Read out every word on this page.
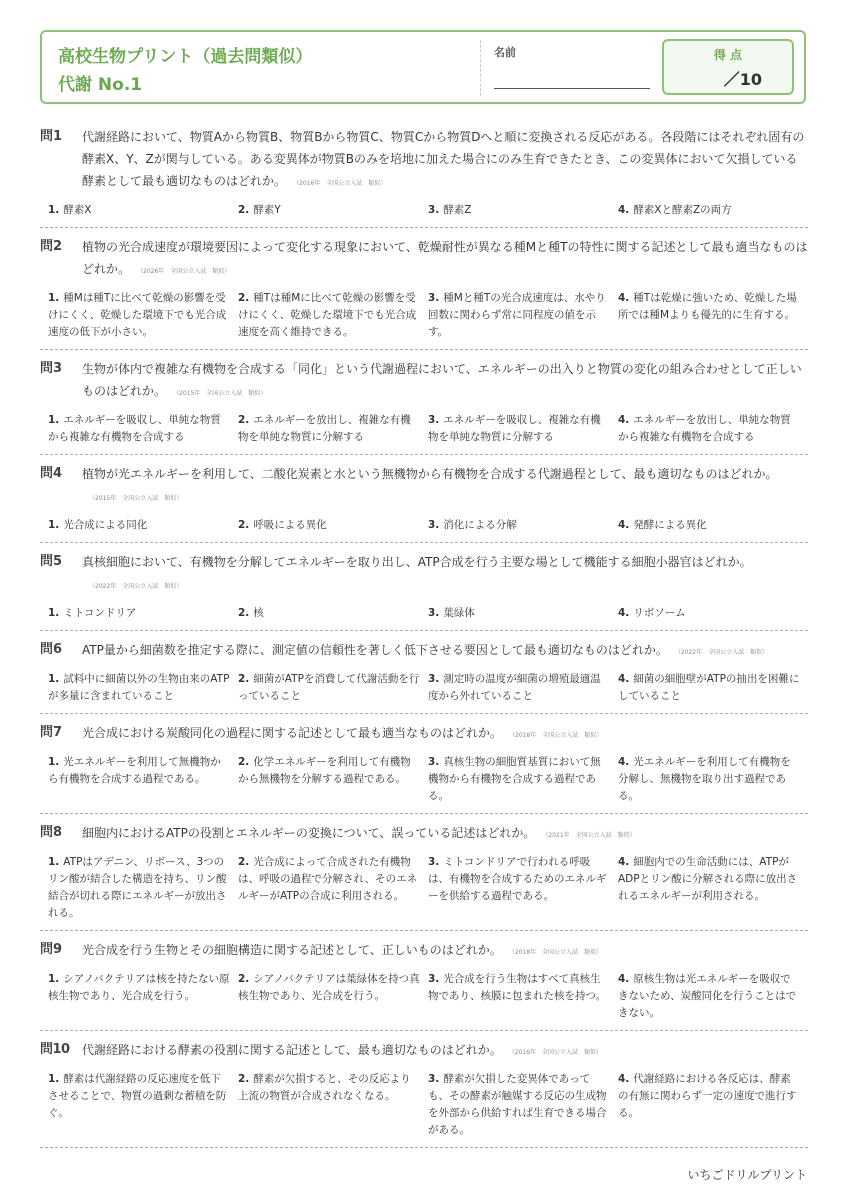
高校生物プリント（過去問類似）
代謝 No.1
名前	得 点
／10
問1 代謝経路において、物質Aから物質B、物質Bから物質C、物質Cから物質Dへと順に変換される反応がある。各段階にはそれぞれ固有の酵素X、Y、Zが関与している。ある変異体が物質Bのみを培地に加えた場合にのみ生育できたとき、この変異体において欠損している酵素として最も適切なものはどれか。 （2016年　全国公立入試　類似）
1. 酵素X	2. 酵素Y	3. 酵素Z	4. 酵素Xと酵素Zの両方
問2 植物の光合成速度が環境要因によって変化する現象において、乾燥耐性が異なる種Mと種Tの特性に関する記述として最も適当なものはどれか。 （2026年　全国公立入試　類似）
1. 種Mは種Tに比べて乾燥の影響を受けにくく、乾燥した環境下でも光合成速度の低下が小さい。
2. 種Tは種Mに比べて乾燥の影響を受けにくく、乾燥した環境下でも光合成速度を高く維持できる。
3. 種Mと種Tの光合成速度は、水やり回数に関わらず常に同程度の値を示す。
4. 種Tは乾燥に強いため、乾燥した場所では種Mよりも優先的に生育する。
問3 生物が体内で複雑な有機物を合成する「同化」という代謝過程において、エネルギーの出入りと物質の変化の組み合わせとして正しいものはどれか。 （2015年　全国公立入試　類似）
1. エネルギーを吸収し、単純な物質から複雑な有機物を合成する
2. エネルギーを放出し、複雑な有機物を単純な物質に分解する
3. エネルギーを吸収し、複雑な有機物を単純な物質に分解する
4. エネルギーを放出し、単純な物質から複雑な有機物を合成する
問4 植物が光エネルギーを利用して、二酸化炭素と水という無機物から有機物を合成する代謝過程として、最も適切なものはどれか。（2015年　全国公立入試　類似）
1. 光合成による同化	2. 呼吸による異化	3. 消化による分解	4. 発酵による異化
問5 真核細胞において、有機物を分解してエネルギーを取り出し、ATP合成を行う主要な場として機能する細胞小器官はどれか。（2022年　全国公立入試　類似）
1. ミトコンドリア	2. 核	3. 葉緑体	4. リボソーム
問6 ATP量から細菌数を推定する際に、測定値の信頼性を著しく低下させる要因として最も適切なものはどれか。 （2022年　全国公立入試　類似）
1. 試料中に細菌以外の生物由来のATPが多量に含まれていること
2. 細菌がATPを消費して代謝活動を行っていること
3. 測定時の温度が細菌の増殖最適温度から外れていること
4. 細菌の細胞壁がATPの抽出を困難にしていること
問7 光合成における炭酸同化の過程に関する記述として最も適当なものはどれか。 （2018年　全国公立入試　類似）
1. 光エネルギーを利用して無機物から有機物を合成する過程である。
2. 化学エネルギーを利用して有機物から無機物を分解する過程である。
3. 真核生物の細胞質基質において無機物から有機物を合成する過程である。
4. 光エネルギーを利用して有機物を分解し、無機物を取り出す過程である。
問8 細胞内におけるATPの役割とエネルギーの変換について、誤っている記述はどれか。 （2021年　全国公立入試　類似）
1. ATPはアデニン、リボース、3つのリン酸が結合した構造を持ち、リン酸結合が切れる際にエネルギーが放出される。
2. 光合成によって合成された有機物は、呼吸の過程で分解され、そのエネルギーがATPの合成に利用される。
3. ミトコンドリアで行われる呼吸は、有機物を合成するためのエネルギーを供給する過程である。
4. 細胞内での生命活動には、ATPがADPとリン酸に分解される際に放出されるエネルギーが利用される。
問9 光合成を行う生物とその細胞構造に関する記述として、正しいものはどれか。 （2018年　全国公立入試　類似）
1. シアノバクテリアは核を持たない原核生物であり、光合成を行う。
2. シアノバクテリアは葉緑体を持つ真核生物であり、光合成を行う。
3. 光合成を行う生物はすべて真核生物であり、核膜に包まれた核を持つ。
4. 原核生物は光エネルギーを吸収できないため、炭酸同化を行うことはできない。
問10 代謝経路における酵素の役割に関する記述として、最も適切なものはどれか。 （2016年　全国公立入試　類似）
1. 酵素は代謝経路の反応速度を低下させることで、物質の過剰な蓄積を防ぐ。
2. 酵素が欠損すると、その反応より上流の物質が合成されなくなる。
3. 酵素が欠損した変異体であっても、その酵素が触媒する反応の生成物を外部から供給すれば生育できる場合がある。
4. 代謝経路における各反応は、酵素の有無に関わらず一定の速度で進行する。
いちごドリルプリント
